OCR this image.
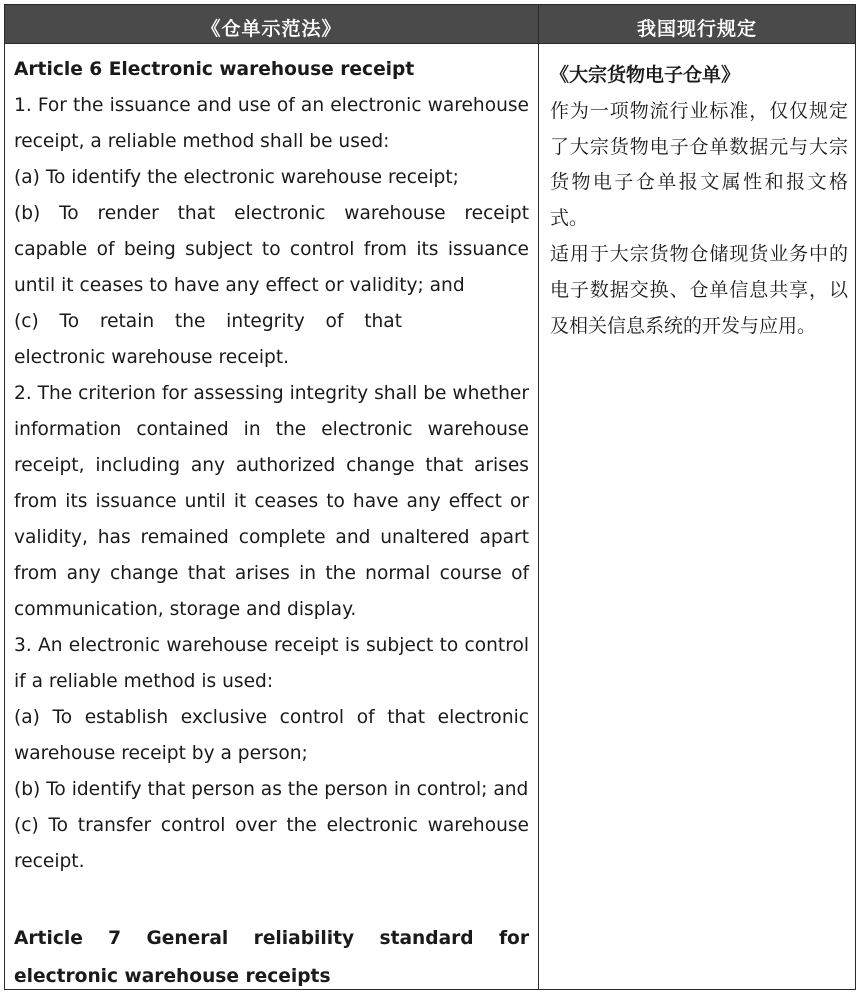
《仓单示范法》	我国现行规定

Article 6 Electronic warehouse receipt

1. For the issuance and use of an electronic warehouse receipt, a reliable method shall be used:

(a) To identify the electronic warehouse receipt;

(b) To render that electronic warehouse receipt capable of being subject to control from its issuance until it ceases to have any effect or validity; and

(c) To retain the integrity of that electronic warehouse receipt.

2. The criterion for assessing integrity shall be whether information contained in the electronic warehouse receipt, including any authorized change that arises from its issuance until it ceases to have any effect or validity, has remained complete and unaltered apart from any change that arises in the normal course of communication, storage and display.

3. An electronic warehouse receipt is subject to control if a reliable method is used:

(a) To establish exclusive control of that electronic warehouse receipt by a person;

(b) To identify that person as the person in control; and

(c) To transfer control over the electronic warehouse receipt.

Article 7 General reliability standard for electronic warehouse receipts

《大宗货物电子仓单》

作为一项物流行业标准，仅仅规定了大宗货物电子仓单数据元与大宗货物电子仓单报文属性和报文格式。

适用于大宗货物仓储现货业务中的电子数据交换、仓单信息共享，以及相关信息系统的开发与应用。
